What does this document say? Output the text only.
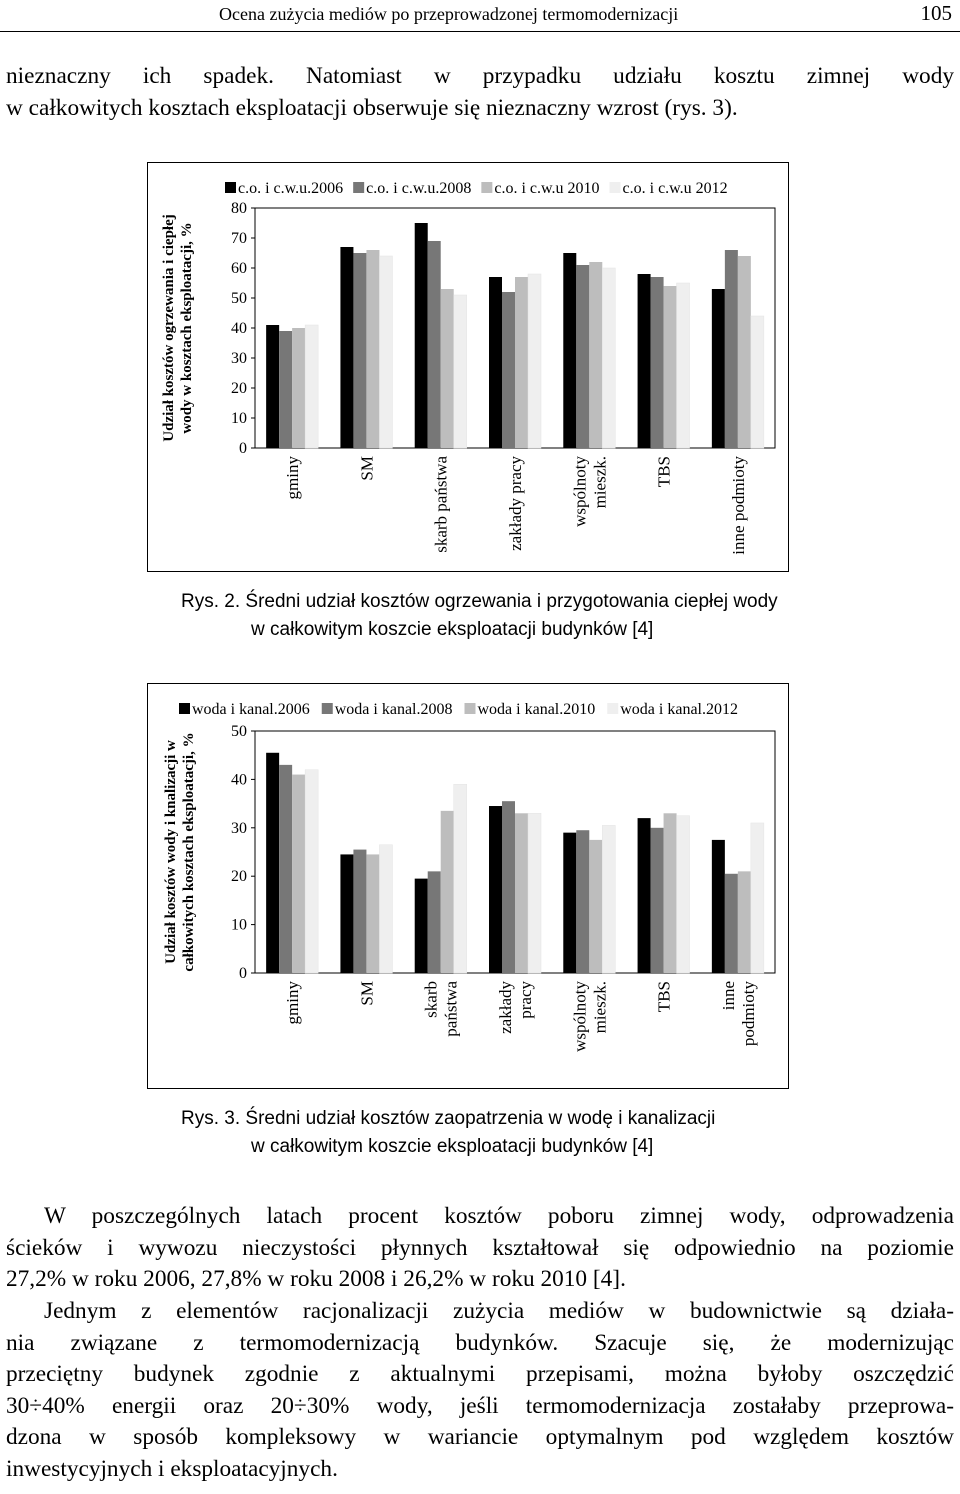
Ocena zużycia mediów po przeprowadzonej termomodernizacji	105
nieznaczny ich spadek. Natomiast w przypadku udziału kosztu zimnej wody
w całkowitych kosztach eksploatacji obserwuje się nieznaczny wzrost (rys. 3).
Udział kosztów ogrzewania i ciepłej wody w kosztach eksploatacji, %
c.o. i c.w.u.2006 c.o. i c.w.u.2008 c.o. i c.w.u 2010 c.o. i c.w.u 2012
0
10
20
30
40
50
60
70
80
gminy	SM	skarb państwa	zakłady pracy	wspólnotymieszk.	TBS	inne podmioty
Rys. 2. Średni udział kosztów ogrzewania i przygotowania ciepłej wody
w całkowitym koszcie eksploatacji budynków [4]
Udział kosztów wody i knalizacji w całkowitych kosztach eksploatacji, %
woda i kanal.2006 woda i kanal.2008 woda i kanal.2010 woda i kanal.2012
0
10
20
30
40
50
gminy	SM	skarbpaństwa zakładypracy wspólnotymieszk.	TBS	innepodmioty
Rys. 3. Średni udział kosztów zaopatrzenia w wodę i kanalizacji
w całkowitym koszcie eksploatacji budynków [4]
W poszczególnych latach procent kosztów poboru zimnej wody, odprowadzenia
ścieków i wywozu nieczystości płynnych kształtował się odpowiednio na poziomie
27,2% w roku 2006, 27,8% w roku 2008 i 26,2% w roku 2010 [4].
Jednym z elementów racjonalizacji zużycia mediów w budownictwie są działa-
nia związane z termomodernizacją budynków. Szacuje się, że modernizując
przeciętny budynek zgodnie z aktualnymi przepisami, można byłoby oszczędzić
30÷40% energii oraz 20÷30% wody, jeśli termomodernizacja zostałaby przeprowa-
dzona w sposób kompleksowy w wariancie optymalnym pod względem kosztów
inwestycyjnych i eksploatacyjnych.
